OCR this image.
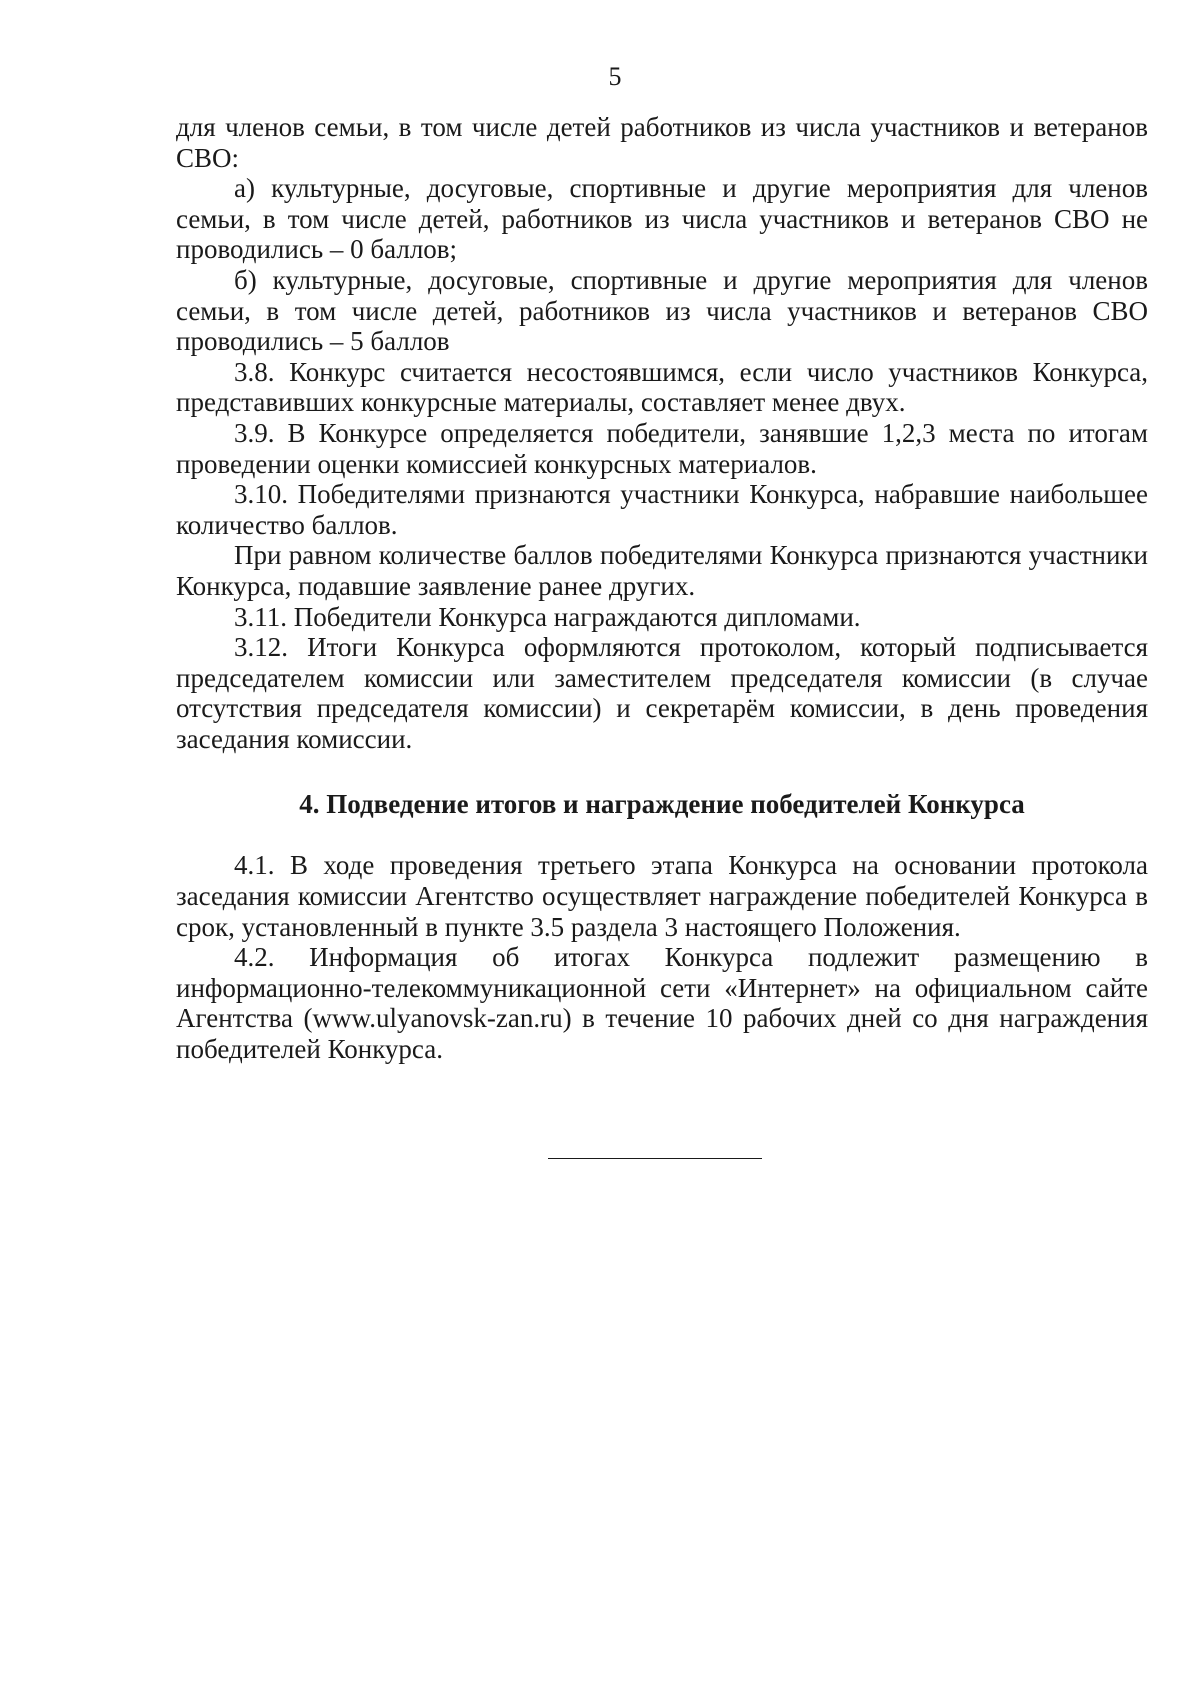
5

для членов семьи, в том числе детей работников из числа участников и ветеранов СВО:

а) культурные, досуговые, спортивные и другие мероприятия для членов семьи, в том числе детей, работников из числа участников и ветеранов СВО не проводились – 0 баллов;

б) культурные, досуговые, спортивные и другие мероприятия для членов семьи, в том числе детей, работников из числа участников и ветеранов СВО проводились – 5 баллов

3.8. Конкурс считается несостоявшимся, если число участников Конкурса, представивших конкурсные материалы, составляет менее двух.

3.9. В Конкурсе определяется победители, занявшие 1,2,3 места по итогам проведении оценки комиссией конкурсных материалов.

3.10. Победителями признаются участники Конкурса, набравшие наибольшее количество баллов.

При равном количестве баллов победителями Конкурса признаются участники Конкурса, подавшие заявление ранее других.

3.11. Победители Конкурса награждаются дипломами.

3.12. Итоги Конкурса оформляются протоколом, который подписывается председателем комиссии или заместителем председателя комиссии (в случае отсутствия председателя комиссии) и секретарём комиссии, в день проведения заседания комиссии.

4. Подведение итогов и награждение победителей Конкурса

4.1. В ходе проведения третьего этапа Конкурса на основании протокола заседания комиссии Агентство осуществляет награждение победителей Конкурса в срок, установленный в пункте 3.5 раздела 3 настоящего Положения.

4.2. Информация об итогах Конкурса подлежит размещению в информационно-телекоммуникационной сети «Интернет» на официальном сайте Агентства (www.ulyanovsk-zan.ru) в течение 10 рабочих дней со дня награждения победителей Конкурса.
